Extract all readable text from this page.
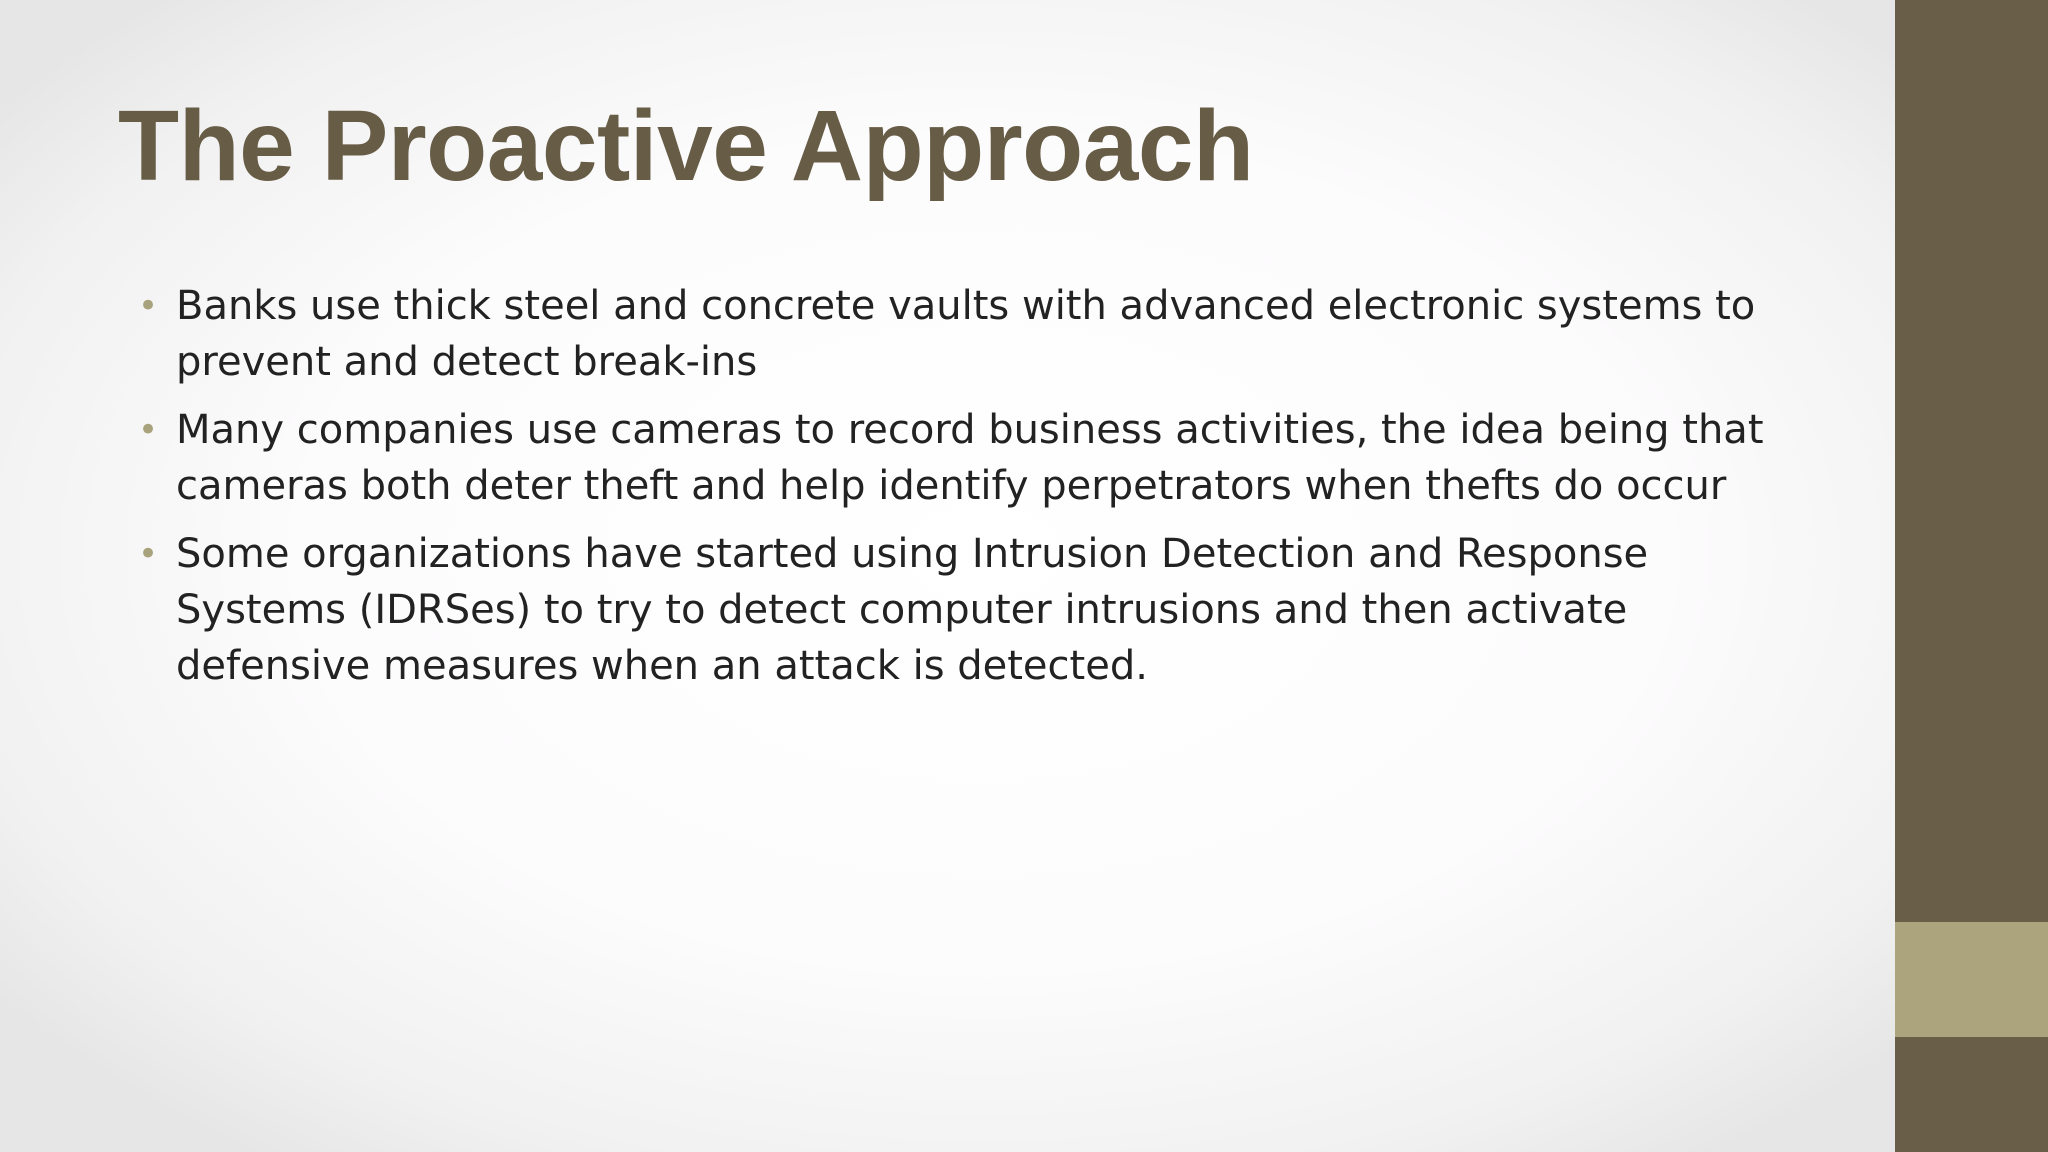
The Proactive Approach
• Banks use thick steel and concrete vaults with advanced electronic systems to prevent and detect break-ins
• Many companies use cameras to record business activities, the idea being that cameras both deter theft and help identify perpetrators when thefts do occur
• Some organizations have started using Intrusion Detection and Response Systems (IDRSes) to try to detect computer intrusions and then activate defensive measures when an attack is detected.
